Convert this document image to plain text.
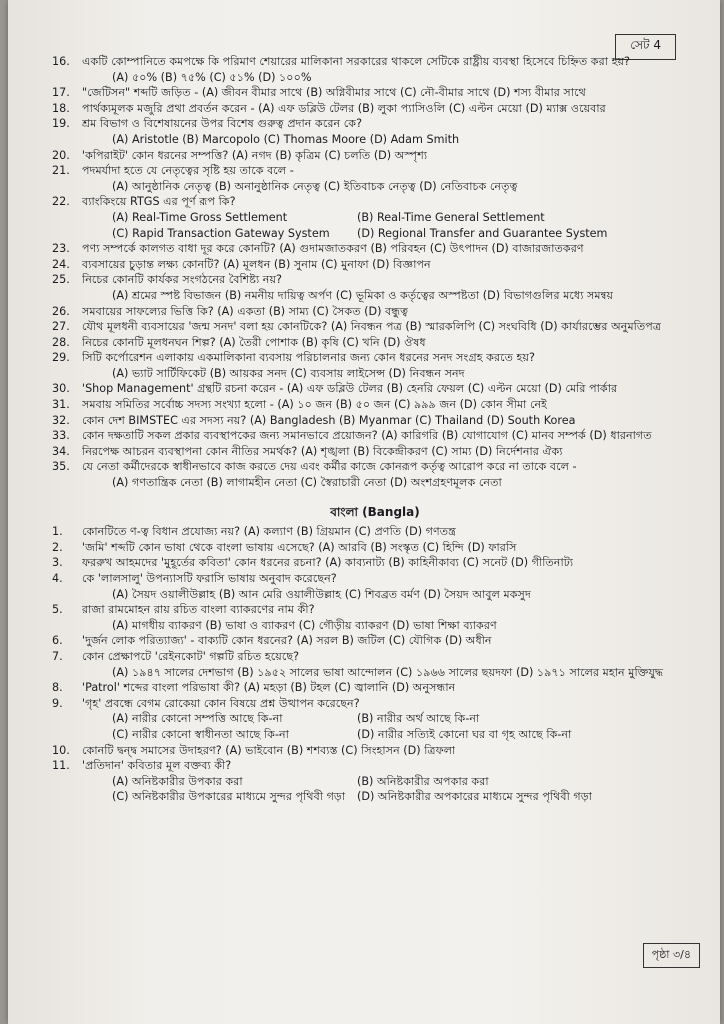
সেট 4
16.	একটি কোম্পানিতে কমপক্ষে কি পরিমাণ শেয়ারের মালিকানা সরকারের থাকলে সেটিকে রাষ্ট্রীয় ব্যবস্থা হিসেবে চিহ্নিত করা হয়?
(A) ৫০% (B) ৭৫% (C) ৫১% (D) ১০০%
17.	"জেটিসন" শব্দটি জড়িত - (A) জীবন বীমার সাথে (B) অগ্নিবীমার সাথে (C) নৌ-বীমার সাথে (D) শস্য বীমার সাথে
18.	পার্থক্যমূলক মজুরি প্রথা প্রবর্তন করেন - (A) এফ ডব্লিউ টেলর (B) লুকা প্যাসিওলি (C) এল্টন মেয়ো (D) ম্যাক্স ওয়েবার
19.	শ্রম বিভাগ ও বিশেষায়নের উপর বিশেষ গুরুত্ব প্রদান করেন কে?
(A) Aristotle (B) Marcopolo (C) Thomas Moore (D) Adam Smith
20.	'কপিরাইট' কোন ধরনের সম্পত্তি? (A) নগদ (B) কৃত্রিম (C) চলতি (D) অস্পৃশ্য
21.	পদমর্যাদা হতে যে নেতৃত্বের সৃষ্টি হয় তাকে বলে -
(A) আনুষ্ঠানিক নেতৃত্ব (B) অনানুষ্ঠানিক নেতৃত্ব (C) ইতিবাচক নেতৃত্ব (D) নেতিবাচক নেতৃত্ব
22.	ব্যাংকিংয়ে RTGS এর পূর্ণ রূপ কি?
(A) Real-Time Gross Settlement	(B) Real-Time General Settlement
(C) Rapid Transaction Gateway System	(D) Regional Transfer and Guarantee System
23.	পণ্য সম্পর্কে কালগত বাধা দূর করে কোনটি? (A) গুদামজাতকরণ (B) পরিবহন (C) উৎপাদন (D) বাজারজাতকরণ
24.	ব্যবসায়ের চুড়ান্ত লক্ষ্য কোনটি? (A) মূলধন (B) সুনাম (C) মুনাফা (D) বিজ্ঞাপন
25.	নিচের কোনটি কার্যকর সংগঠনের বৈশিষ্ট্য নয়?
(A) শ্রমের স্পষ্ট বিভাজন (B) নমনীয় দায়িত্ব অর্পণ (C) ভূমিকা ও কর্তৃত্বের অস্পষ্টতা (D) বিভাগগুলির মধ্যে সমন্বয়
26.	সমবায়ের সাফল্যের ভিত্তি কি? (A) একতা (B) সাম্য (C) সৈকত (D) বন্ধুত্ব
27.	যৌথ মূলধনী ব্যবসায়ের 'জন্ম সনদ' বলা হয় কোনটিকে? (A) নিবন্ধন পত্র (B) স্মারকলিপি (C) সংঘবিধি (D) কার্যারম্ভের অনুমতিপত্র
28.	নিচের কোনটি মূলধনঘন শিল্প? (A) তৈরী পোশাক (B) কৃষি (C) খনি (D) ঔষধ
29.	সিটি কর্পোরেশন এলাকায় একমালিকানা ব্যবসায় পরিচালনার জন্য কোন ধরনের সনদ সংগ্রহ করতে হয়?
(A) ভ্যাট সার্টিফিকেট (B) আয়কর সনদ (C) ব্যবসায় লাইসেন্স (D) নিবন্ধন সনদ
30.	'Shop Management' গ্রন্থটি রচনা করেন - (A) এফ ডব্লিউ টেলর (B) হেনরি ফেয়ল (C) এল্টন মেয়ো (D) মেরি পার্কার
31.	সমবায় সমিতির সর্বোচ্চ সদস্য সংখ্যা হলো - (A) ১০ জন (B) ৫০ জন (C) ৯৯৯ জন (D) কোন সীমা নেই
32.	কোন দেশ BIMSTEC এর সদস্য নয়? (A) Bangladesh (B) Myanmar (C) Thailand (D) South Korea
33.	কোন দক্ষতাটি সকল প্রকার ব্যবস্থাপকের জন্য সমানভাবে প্রয়োজন? (A) কারিগরি (B) যোগাযোগ (C) মানব সম্পর্ক (D) ধারনাগত
34.	নিরপেক্ষ আচরন ব্যবস্থাপনা কোন নীতির সমর্থক? (A) শৃঙ্খলা (B) বিকেন্দ্রীকরণ (C) সাম্য (D) নির্দেশনার ঐক্য
35.	যে নেতা কর্মীদেরকে স্বাধীনভাবে কাজ করতে দেয় এবং কর্মীর কাজে কোনরূপ কর্তৃত্ব আরোপ করে না তাকে বলে -
(A) গণতান্ত্রিক নেতা (B) লাগামহীন নেতা (C) স্বৈরাচারী নেতা (D) অংশগ্রহণমূলক নেতা
বাংলা (Bangla)
1.	কোনটিতে ণ-ত্ব বিধান প্রযোজ্য নয়? (A) কল্যাণ (B) গ্রিয়মান (C) প্রণতি (D) গণতন্ত্র
2.	'জমি' শব্দটি কোন ভাষা থেকে বাংলা ভাষায় এসেছে? (A) আরবি (B) সংস্কৃত (C) হিন্দি (D) ফারসি
3.	ফররুখ আহমদের 'মুহূর্তের কবিতা' কোন ধরনের রচনা? (A) কাব্যনাট্য (B) কাহিনীকাব্য (C) সনেট (D) গীতিনাট্য
4.	কে 'লালসালু' উপন্যাসটি ফরাসি ভাষায় অনুবাদ করেছেন?
(A) সৈয়দ ওয়ালীউল্লাহ (B) আন মেরি ওয়ালীউল্লাহ (C) শিবব্রত বর্মণ (D) সৈয়দ আবুল মকসুদ
5.	রাজা রামমোহন রায় রচিত বাংলা ব্যাকরণের নাম কী?
(A) মাগধীয় ব্যাকরণ (B) ভাষা ও ব্যাকরণ (C) গৌড়ীয় ব্যাকরণ (D) ভাষা শিক্ষা ব্যাকরণ
6.	'দুর্জন লোক পরিত্যাজ্য' - বাক্যটি কোন ধরনের? (A) সরল B) জটিল (C) যৌগিক (D) অধীন
7.	কোন প্রেক্ষাপটে 'রেইনকোট' গল্পটি রচিত হয়েছে?
(A) ১৯৪৭ সালের দেশভাগ (B) ১৯৫২ সালের ভাষা আন্দোলন (C) ১৯৬৬ সালের ছয়দফা (D) ১৯৭১ সালের মহান মুক্তিযুদ্ধ
8.	'Patrol' শব্দের বাংলা পরিভাষা কী? (A) মহড়া (B) টহল (C) জ্বালানি (D) অনুসন্ধান
9.	'গৃহ' প্রবন্ধে বেগম রোকেয়া কোন বিষয়ে প্রশ্ন উত্থাপন করেছেন?
(A) নারীর কোনো সম্পত্তি আছে কি-না	(B) নারীর অর্থ আছে কি-না
(C) নারীর কোনো স্বাধীনতা আছে কি-না	(D) নারীর সত্যিই কোনো ঘর বা গৃহ আছে কি-না
10.	কোনটি দ্বন্দ্ব সমাসের উদাহরণ? (A) ভাইবোন (B) শশব্যস্ত (C) সিংহাসন (D) ত্রিফলা
11.	'প্রতিদান' কবিতার মূল বক্তব্য কী?
(A) অনিষ্টকারীর উপকার করা	(B) অনিষ্টকারীর অপকার করা
(C) অনিষ্টকারীর উপকারের মাধ্যমে সুন্দর পৃথিবী গড়া	(D) অনিষ্টকারীর অপকারের মাধ্যমে সুন্দর পৃথিবী গড়া
পৃষ্ঠা ৩/৪
